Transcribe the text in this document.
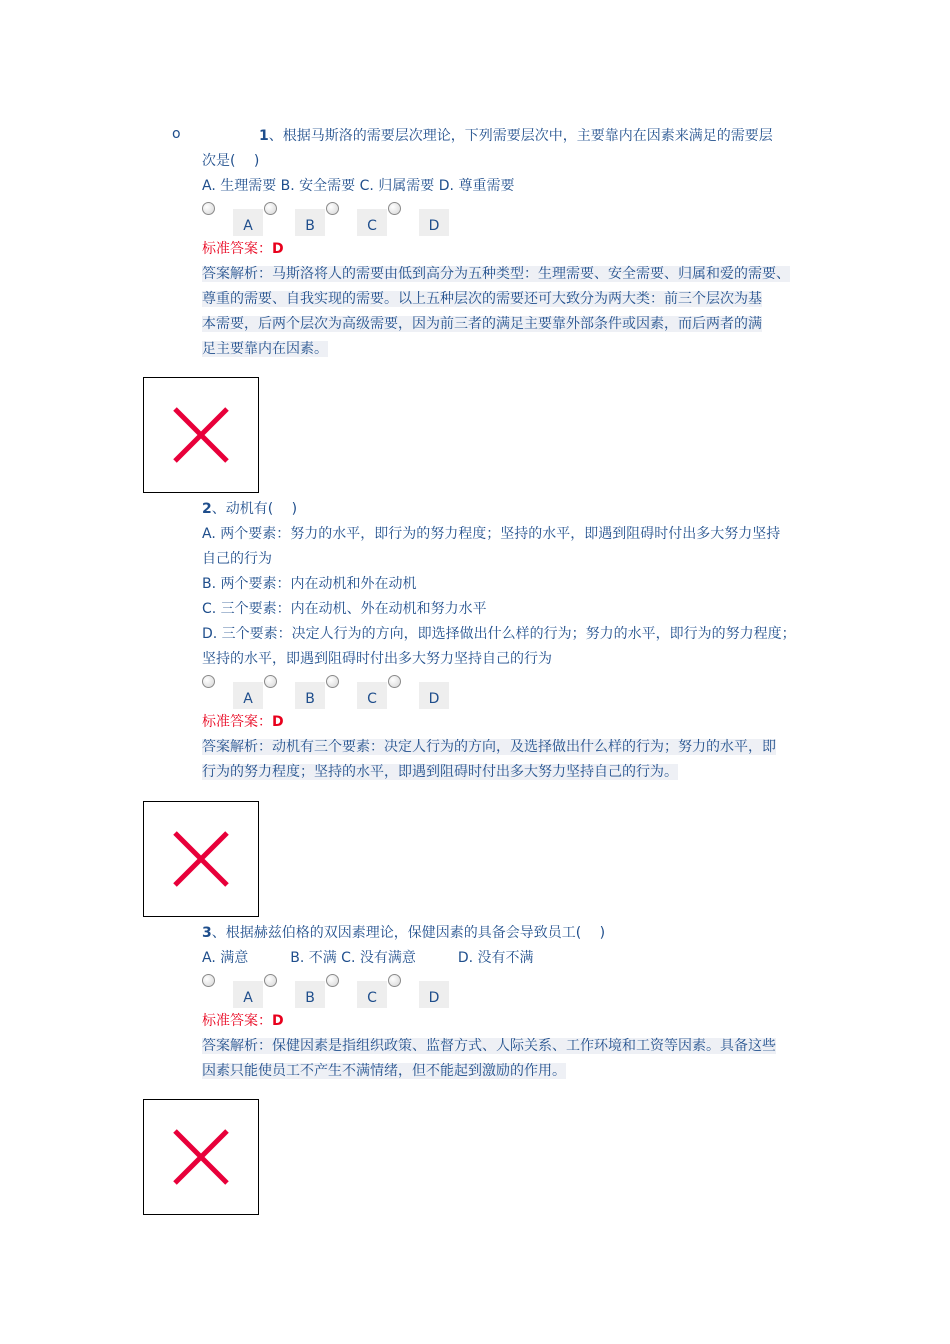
o	1、根据马斯洛的需要层次理论，下列需要层次中，主要靠内在因素来满足的需要层
次是(　 )
A. 生理需要 B. 安全需要 C. 归属需要 D. 尊重需要
A	B	C	D
标准答案：D
答案解析：马斯洛将人的需要由低到高分为五种类型：生理需要、安全需要、归属和爱的需要、
尊重的需要、自我实现的需要。以上五种层次的需要还可大致分为两大类：前三个层次为基
本需要，后两个层次为高级需要，因为前三者的满足主要靠外部条件或因素，而后两者的满
足主要靠内在因素。
2、动机有(　 )
A. 两个要素：努力的水平，即行为的努力程度；坚持的水平，即遇到阻碍时付出多大努力坚持
自己的行为
B. 两个要素：内在动机和外在动机
C. 三个要素：内在动机、外在动机和努力水平
D. 三个要素：决定人行为的方向，即选择做出什么样的行为；努力的水平，即行为的努力程度；
坚持的水平，即遇到阻碍时付出多大努力坚持自己的行为
A	B	C	D
标准答案：D
答案解析：动机有三个要素：决定人行为的方向，及选择做出什么样的行为；努力的水平，即
行为的努力程度；坚持的水平，即遇到阻碍时付出多大努力坚持自己的行为。
3、根据赫兹伯格的双因素理论，保健因素的具备会导致员工(　 )
A. 满意　　　B. 不满 C. 没有满意　　　D. 没有不满
A	B	C	D
标准答案：D
答案解析：保健因素是指组织政策、监督方式、人际关系、工作环境和工资等因素。具备这些
因素只能使员工不产生不满情绪，但不能起到激励的作用。
